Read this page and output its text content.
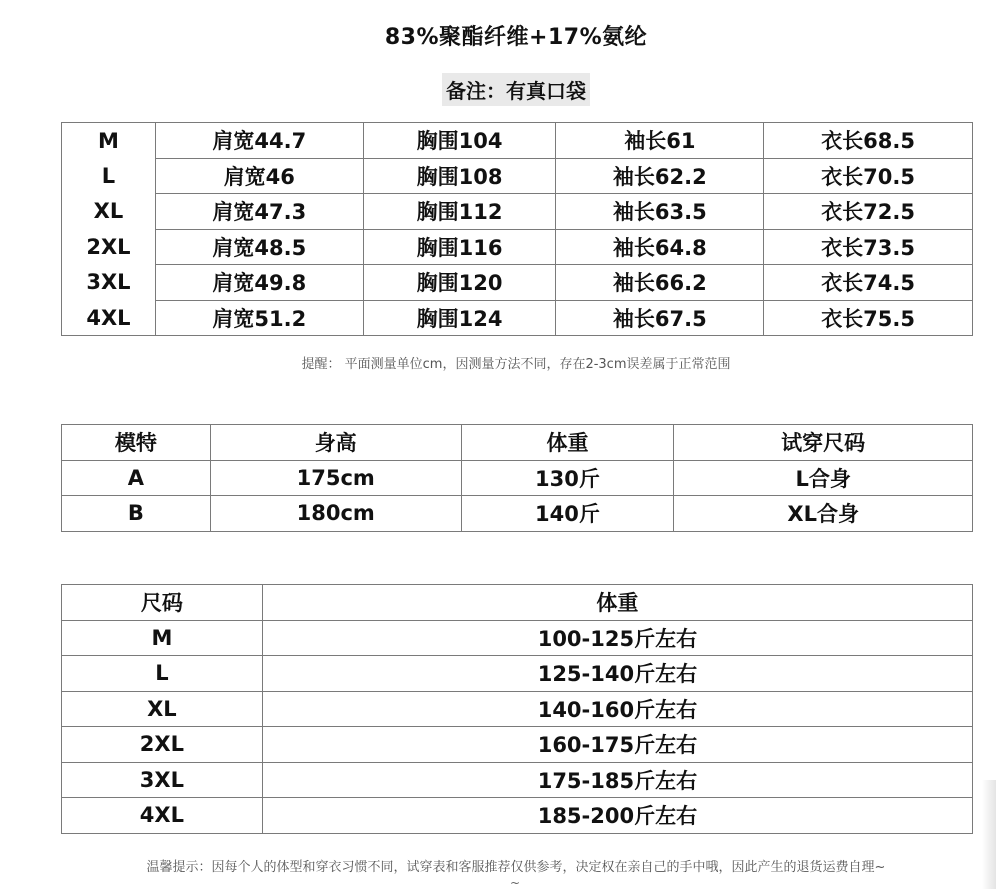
83%聚酯纤维+17%氨纶
备注：有真口袋
M	肩宽44.7	胸围104	袖长61	衣长68.5
L	肩宽46	胸围108	袖长62.2	衣长70.5
XL	肩宽47.3	胸围112	袖长63.5	衣长72.5
2XL	肩宽48.5	胸围116	袖长64.8	衣长73.5
3XL	肩宽49.8	胸围120	袖长66.2	衣长74.5
4XL	肩宽51.2	胸围124	袖长67.5	衣长75.5
提醒： 平面测量单位cm，因测量方法不同，存在2-3cm误差属于正常范围
模特	身高	体重	试穿尺码
A	175cm	130斤	L合身
B	180cm	140斤	XL合身
尺码	体重
M	100-125斤左右
L	125-140斤左右
XL	140-160斤左右
2XL	160-175斤左右
3XL	175-185斤左右
4XL	185-200斤左右
温馨提示：因每个人的体型和穿衣习惯不同，试穿表和客服推荐仅供参考，决定权在亲自己的手中哦，因此产生的退货运费自理~
~
